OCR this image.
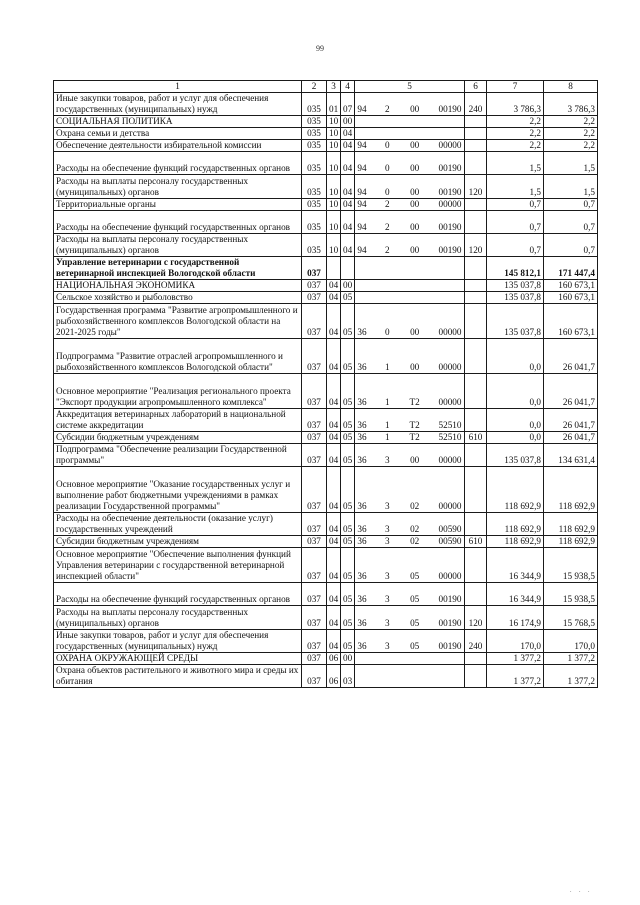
99
1	2	3	4	5	6	7	8
Иные закупки товаров, работ и услуг для обеспечения государственных (муниципальных) нужд	035	01	07	94 2 00 00190	240	3 786,3	3 786,3
СОЦИАЛЬНАЯ ПОЛИТИКА	035	10	00			2,2	2,2
Охрана семьи и детства	035	10	04			2,2	2,2
Обеспечение деятельности избирательной комиссии	035	10	04	94 0 00 00000		2,2	2,2
Расходы на обеспечение функций государственных органов	035	10	04	94 0 00 00190		1,5	1,5
Расходы на выплаты персоналу государственных (муниципальных) органов	035	10	04	94 0 00 00190	120	1,5	1,5
Территориальные органы	035	10	04	94 2 00 00000		0,7	0,7
Расходы на обеспечение функций государственных органов	035	10	04	94 2 00 00190		0,7	0,7
Расходы на выплаты персоналу государственных (муниципальных) органов	035	10	04	94 2 00 00190	120	0,7	0,7
Управление ветеринарии с государственной ветеринарной инспекцией Вологодской области	037					145 812,1	171 447,4
НАЦИОНАЛЬНАЯ ЭКОНОМИКА	037	04	00			135 037,8	160 673,1
Сельское хозяйство и рыболовство	037	04	05			135 037,8	160 673,1
Государственная программа "Развитие агропромышленного и рыбохозяйственного комплексов Вологодской области на 2021-2025 годы"	037	04	05	36 0 00 00000		135 037,8	160 673,1
Подпрограмма "Развитие отраслей агропромышленного и рыбохозяйственного комплексов Вологодской области"	037	04	05	36 1 00 00000		0,0	26 041,7
Основное мероприятие "Реализация регионального проекта "Экспорт продукции агропромышленного комплекса"	037	04	05	36 1 T2 00000		0,0	26 041,7
Аккредитация ветеринарных лабораторий в национальной системе аккредитации	037	04	05	36 1 T2 52510		0,0	26 041,7
Субсидии бюджетным учреждениям	037	04	05	36 1 T2 52510	610	0,0	26 041,7
Подпрограмма "Обеспечение реализации Государственной программы"	037	04	05	36 3 00 00000		135 037,8	134 631,4
Основное мероприятие "Оказание государственных услуг и выполнение работ бюджетными учреждениями в рамках реализации Государственной программы"	037	04	05	36 3 02 00000		118 692,9	118 692,9
Расходы на обеспечение деятельности (оказание услуг) государственных учреждений	037	04	05	36 3 02 00590		118 692,9	118 692,9
Субсидии бюджетным учреждениям	037	04	05	36 3 02 00590	610	118 692,9	118 692,9
Основное мероприятие "Обеспечение выполнения функций Управления ветеринарии с государственной ветеринарной инспекцией области"	037	04	05	36 3 05 00000		16 344,9	15 938,5
Расходы на обеспечение функций государственных органов	037	04	05	36 3 05 00190		16 344,9	15 938,5
Расходы на выплаты персоналу государственных (муниципальных) органов	037	04	05	36 3 05 00190	120	16 174,9	15 768,5
Иные закупки товаров, работ и услуг для обеспечения государственных (муниципальных) нужд	037	04	05	36 3 05 00190	240	170,0	170,0
ОХРАНА ОКРУЖАЮЩЕЙ СРЕДЫ	037	06	00			1 377,2	1 377,2
Охрана объектов растительного и животного мира и среды их обитания	037	06	03			1 377,2	1 377,2
. . .
